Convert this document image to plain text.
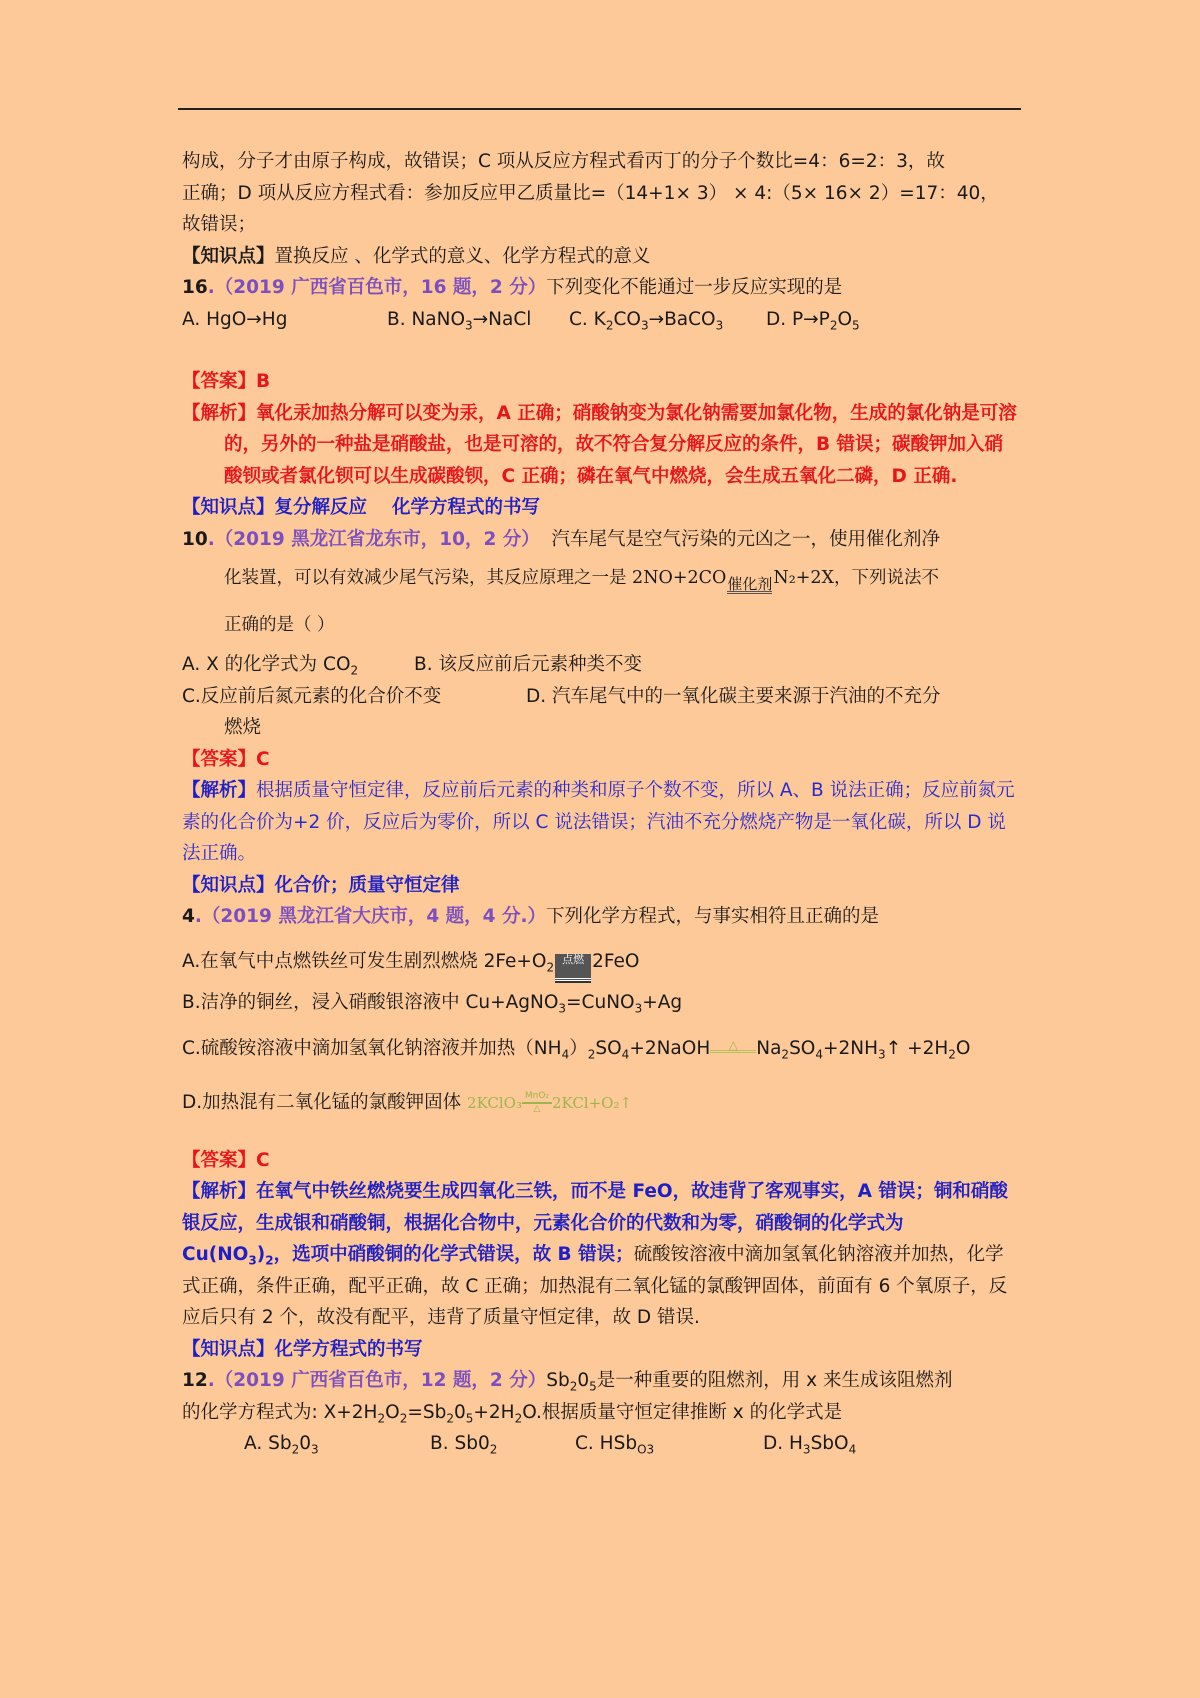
构成，分子才由原子构成，故错误；C 项从反应方程式看丙丁的分子个数比=4：6=2：3，故

正确；D 项从反应方程式看：参加反应甲乙质量比=（14+1× 3） × 4:（5× 16× 2）=17：40，

故错误；

【知识点】置换反应 、化学式的意义、化学方程式的意义

16.（2019 广西省百色市，16 题，2 分）下列变化不能通过一步反应实现的是

A. HgO→Hg	B. NaNO$_3$→NaCl C. $K_2CO_3\to BaCO_3$ D. $P\to P_2O_5$

【答案】B

【解析】氧化汞加热分解可以变为汞，A 正确；硝酸钠变为氯化钠需要加氯化物，生成的氯化钠是可溶的，另外的一种盐是硝酸盐，也是可溶的，故不符合复分解反应的条件，B 错误；碳酸钾加入硝酸钡或者氯化钡可以生成碳酸钡，C 正确；磷在氧气中燃烧，会生成五氧化二磷，D 正确.

【知识点】复分解反应　 化学方程式的书写

10.（2019 黑龙江省龙东市，10，2 分） 汽车尾气是空气污染的元凶之一，使用催化剂净

化装置，可以有效减少尾气污染，其反应原理之一是 2NO+2CO 催化剂 N₂+2X，下列说法不

正确的是（ ）

A. X 的化学式为 $CO_2$	B. 该反应前后元素种类不变

C.反应前后氮元素的化合价不变	D. 汽车尾气中的一氧化碳主要来源于汽油的不充分

燃烧

【答案】C

【解析】根据质量守恒定律，反应前后元素的种类和原子个数不变，所以 A、B 说法正确；反应前氮元素的化合价为+2 价，反应后为零价，所以 C 说法错误；汽油不充分燃烧产物是一氧化碳，所以 D 说法正确。

【知识点】化合价；质量守恒定律

4.（2019 黑龙江省大庆市，4 题，4 分.）下列化学方程式，与事实相符且正确的是

A.在氧气中点燃铁丝可发生剧烈燃烧 $2Fe+O_2$点燃 2FeO

B.洁净的铜丝，浸入硝酸银溶液中 Cu+AgNO$_3$=CuNO$_3$+Ag

C.硫酸铵溶液中滴加氢氧化钠溶液并加热$(NH_4)_2SO_4+2NaOH$	△ $Na_2SO_4+2NH_3↑ +2H_2O$

D.加热混有二氧化锰的氯酸钾固体 2KClO₃ MnO₂
△ 2KCl+O₂↑

【答案】C

【解析】在氧气中铁丝燃烧要生成四氧化三铁，而不是 FeO，故违背了客观事实，A 错误；铜和硝酸银反应，生成银和硝酸铜，根据化合物中，元素化合价的代数和为零，硝酸铜的化学式为 $Cu(NO_3)_2$，选项中硝酸铜的化学式错误，故 B 错误；硫酸铵溶液中滴加氢氧化钠溶液并加热，化学式正确，条件正确，配平正确，故 C 正确；加热混有二氧化锰的氯酸钾固体，前面有 6 个氧原子，反应后只有 2 个，故没有配平，违背了质量守恒定律，故 D 错误.

【知识点】化学方程式的书写

12.（2019 广西省百色市，12 题，2 分）$Sb_20_5$是一种重要的阻燃剂，用 x 来生成该阻燃剂

的化学方程式为: $X+2H_2O_2=Sb_20_5+2H_2O$.根据质量守恒定律推断 x 的化学式是

A. $Sb_20_3$	B. $Sb0_2$	C. HSb$_{O3}$	D. $H_3SbO_4$
